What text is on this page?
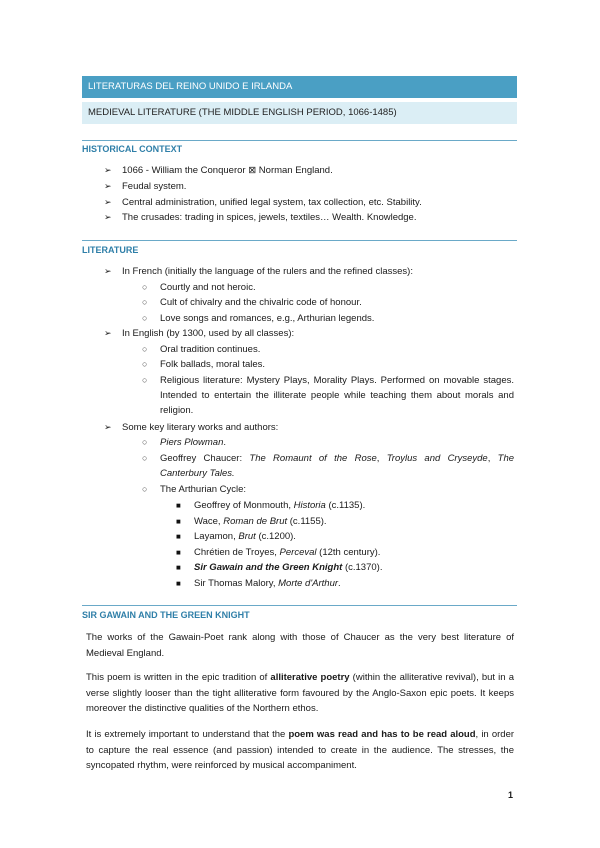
LITERATURAS DEL REINO UNIDO E IRLANDA
MEDIEVAL LITERATURE (THE MIDDLE ENGLISH PERIOD, 1066-1485)
HISTORICAL CONTEXT
➢ 1066 - William the Conqueror ⊠ Norman England.
➢ Feudal system.
➢ Central administration, unified legal system, tax collection, etc. Stability.
➢ The crusades: trading in spices, jewels, textiles… Wealth. Knowledge.
LITERATURE
➢ In French (initially the language of the rulers and the refined classes):
○ Courtly and not heroic.
○ Cult of chivalry and the chivalric code of honour.
○ Love songs and romances, e.g., Arthurian legends.
➢ In English (by 1300, used by all classes):
○ Oral tradition continues.
○ Folk ballads, moral tales.
○ Religious literature: Mystery Plays, Morality Plays. Performed on movable stages. Intended to entertain the illiterate people while teaching them about morals and religion.
➢ Some key literary works and authors:
○ Piers Plowman.
○ Geoffrey Chaucer: The Romaunt of the Rose, Troylus and Cryseyde, The Canterbury Tales.
○ The Arthurian Cycle:
■ Geoffrey of Monmouth, Historia (c.1135).
■ Wace, Roman de Brut (c.1155).
■ Layamon, Brut (c.1200).
■ Chrétien de Troyes, Perceval (12th century).
■ Sir Gawain and the Green Knight (c.1370).
■ Sir Thomas Malory, Morte d'Arthur.
SIR GAWAIN AND THE GREEN KNIGHT
The works of the Gawain-Poet rank along with those of Chaucer as the very best literature of Medieval England.
This poem is written in the epic tradition of alliterative poetry (within the alliterative revival), but in a verse slightly looser than the tight alliterative form favoured by the Anglo-Saxon epic poets. It keeps moreover the distinctive qualities of the Northern ethos.
It is extremely important to understand that the poem was read and has to be read aloud, in order to capture the real essence (and passion) intended to create in the audience. The stresses, the syncopated rhythm, were reinforced by musical accompaniment.
1
